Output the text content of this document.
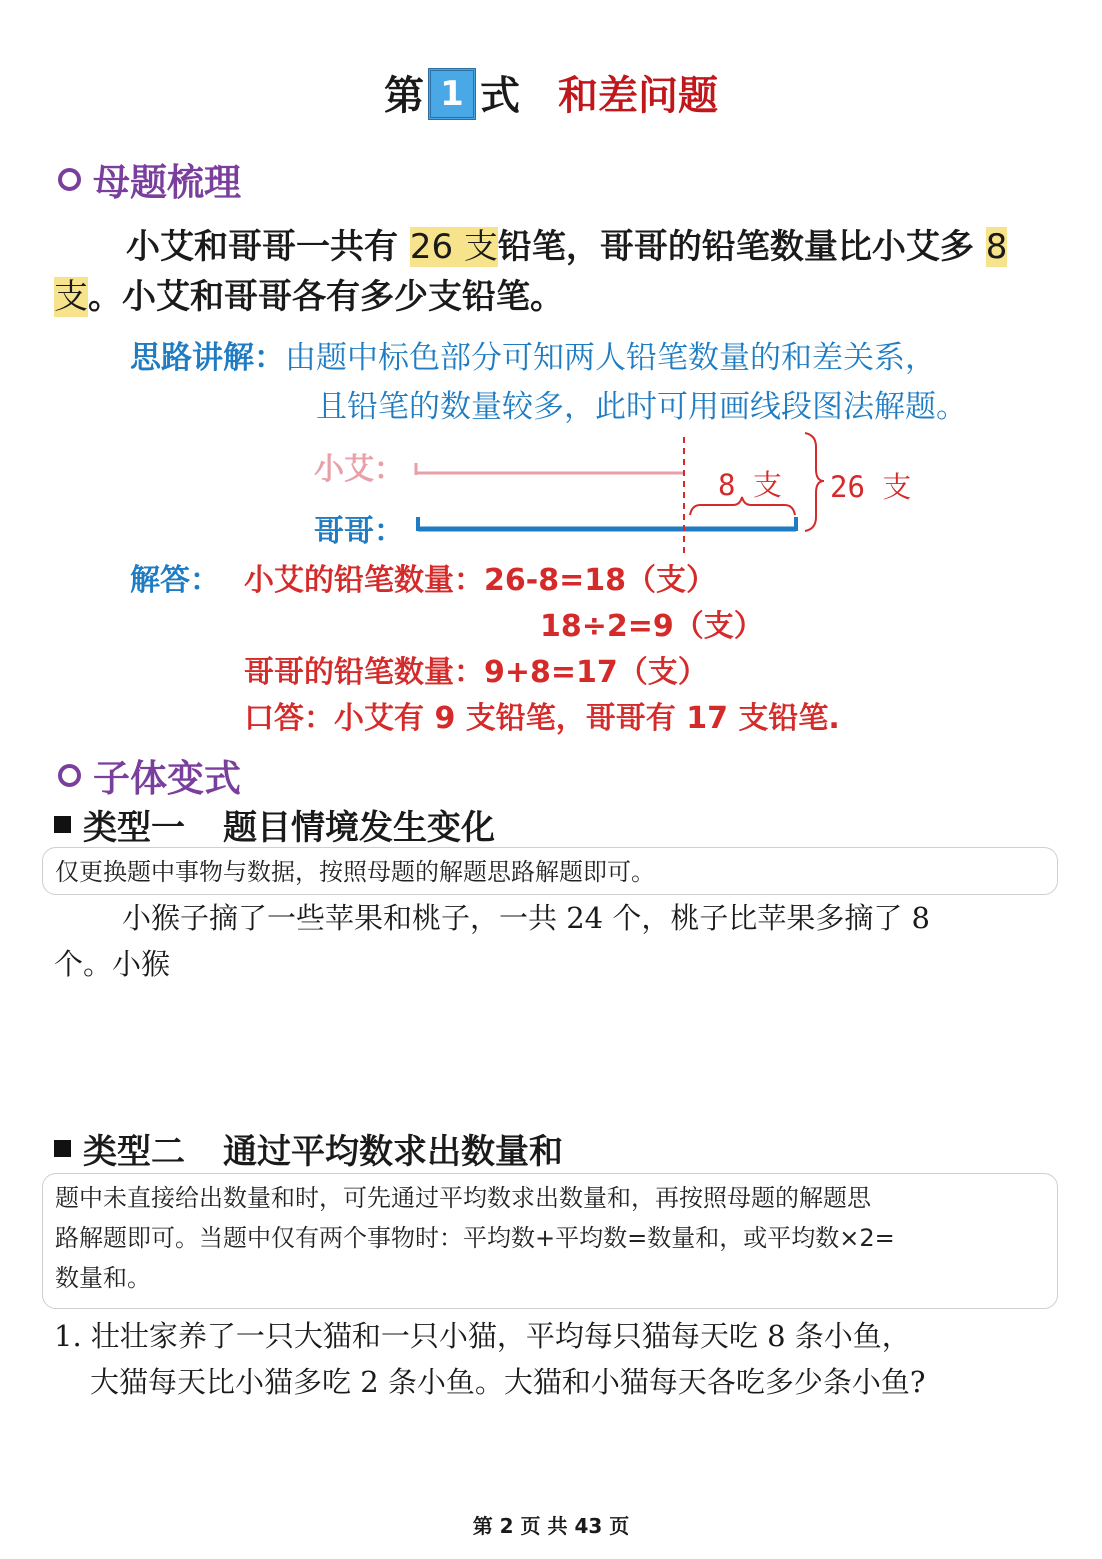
第 1 式 和差问题
母题梳理
小艾和哥哥一共有 26 支铅笔，哥哥的铅笔数量比小艾多 8支。小艾和哥哥各有多少支铅笔。
思路讲解：由题中标色部分可知两人铅笔数量的和差关系，
且铅笔的数量较多，此时可用画线段图法解题。
小艾：
哥哥：
8 支 26 支
解答： 小艾的铅笔数量：26-8=18（支）
18÷2=9（支）
哥哥的铅笔数量：9+8=17（支）
口答：小艾有 9 支铅笔，哥哥有 17 支铅笔.
子体变式
类型一 题目情境发生变化
仅更换题中事物与数据，按照母题的解题思路解题即可。
小猴子摘了一些苹果和桃子，一共 24 个，桃子比苹果多摘了 8
个。小猴
类型二 通过平均数求出数量和
题中未直接给出数量和时，可先通过平均数求出数量和，再按照母题的解题思
路解题即可。当题中仅有两个事物时：平均数+平均数=数量和，或平均数×2=
数量和。
1. 壮壮家养了一只大猫和一只小猫，平均每只猫每天吃 8 条小鱼，
大猫每天比小猫多吃 2 条小鱼。大猫和小猫每天各吃多少条小鱼?
第 2 页 共 43 页
